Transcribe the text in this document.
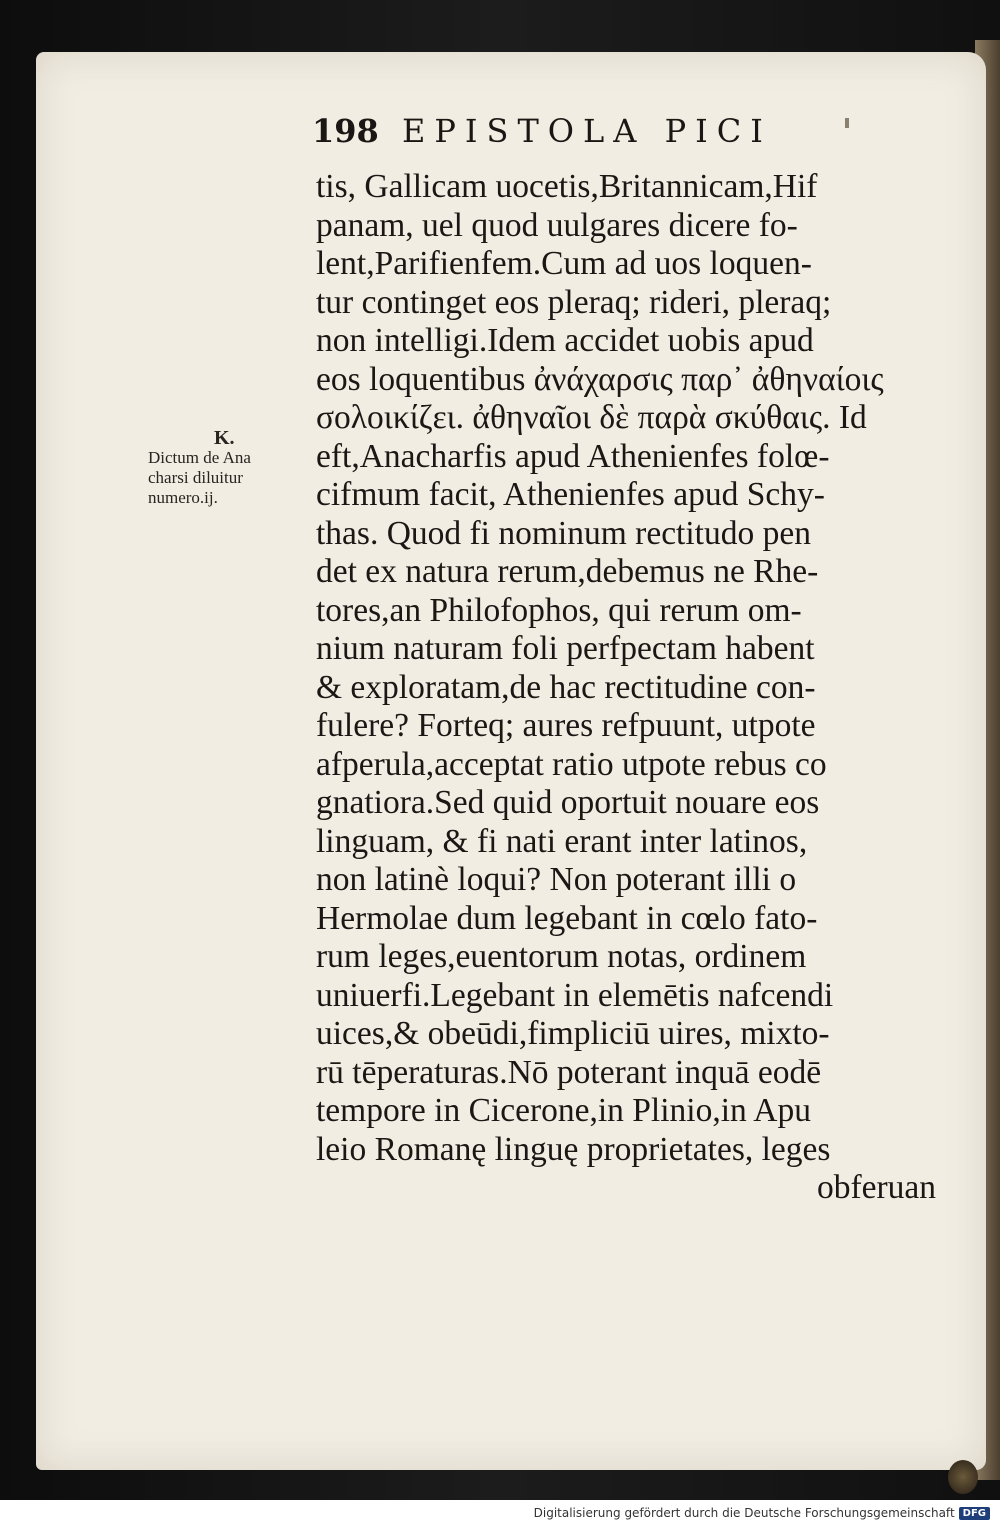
198 EPISTOLA PICI
K.
Dictum de Ana
charsi diluitur
numero.ij.
tis, Gallicam uocetis,Britannicam,Hif
panam, uel quod uulgares dicere fo-
lent,Parifienfem.Cum ad uos loquen-
tur continget eos pleraq; rideri, pleraq;
non intelligi.Idem accidet uobis apud
eos loquentibus ἀνάχαρσις παρ᾽ ἀθηναίοις
σολοικίζει. ἀθηναῖοι δὲ παρὰ σκύθαις. Id
eft,Anacharfis apud Athenienfes folœ-
cifmum facit, Athenienfes apud Schy-
thas. Quod fi nominum rectitudo pen
det ex natura rerum,debemus ne Rhe-
tores,an Philofophos, qui rerum om-
nium naturam foli perfpectam habent
& exploratam,de hac rectitudine con-
fulere? Forteq; aures refpuunt, utpote
afperula,acceptat ratio utpote rebus co
gnatiora.Sed quid oportuit nouare eos
linguam, & fi nati erant inter latinos,
non latinè loqui? Non poterant illi o
Hermolae dum legebant in cœlo fato-
rum leges,euentorum notas, ordinem
uniuerfi.Legebant in elemētis nafcendi
uices,& obeūdi,fimpliciū uires, mixto-
rū tēperaturas.Nō poterant inquā eodē
tempore in Cicerone,in Plinio,in Apu
leio Romanę linguę proprietates, leges
obferuan
Digitalisierung gefördert durch die Deutsche Forschungsgemeinschaft DFG
